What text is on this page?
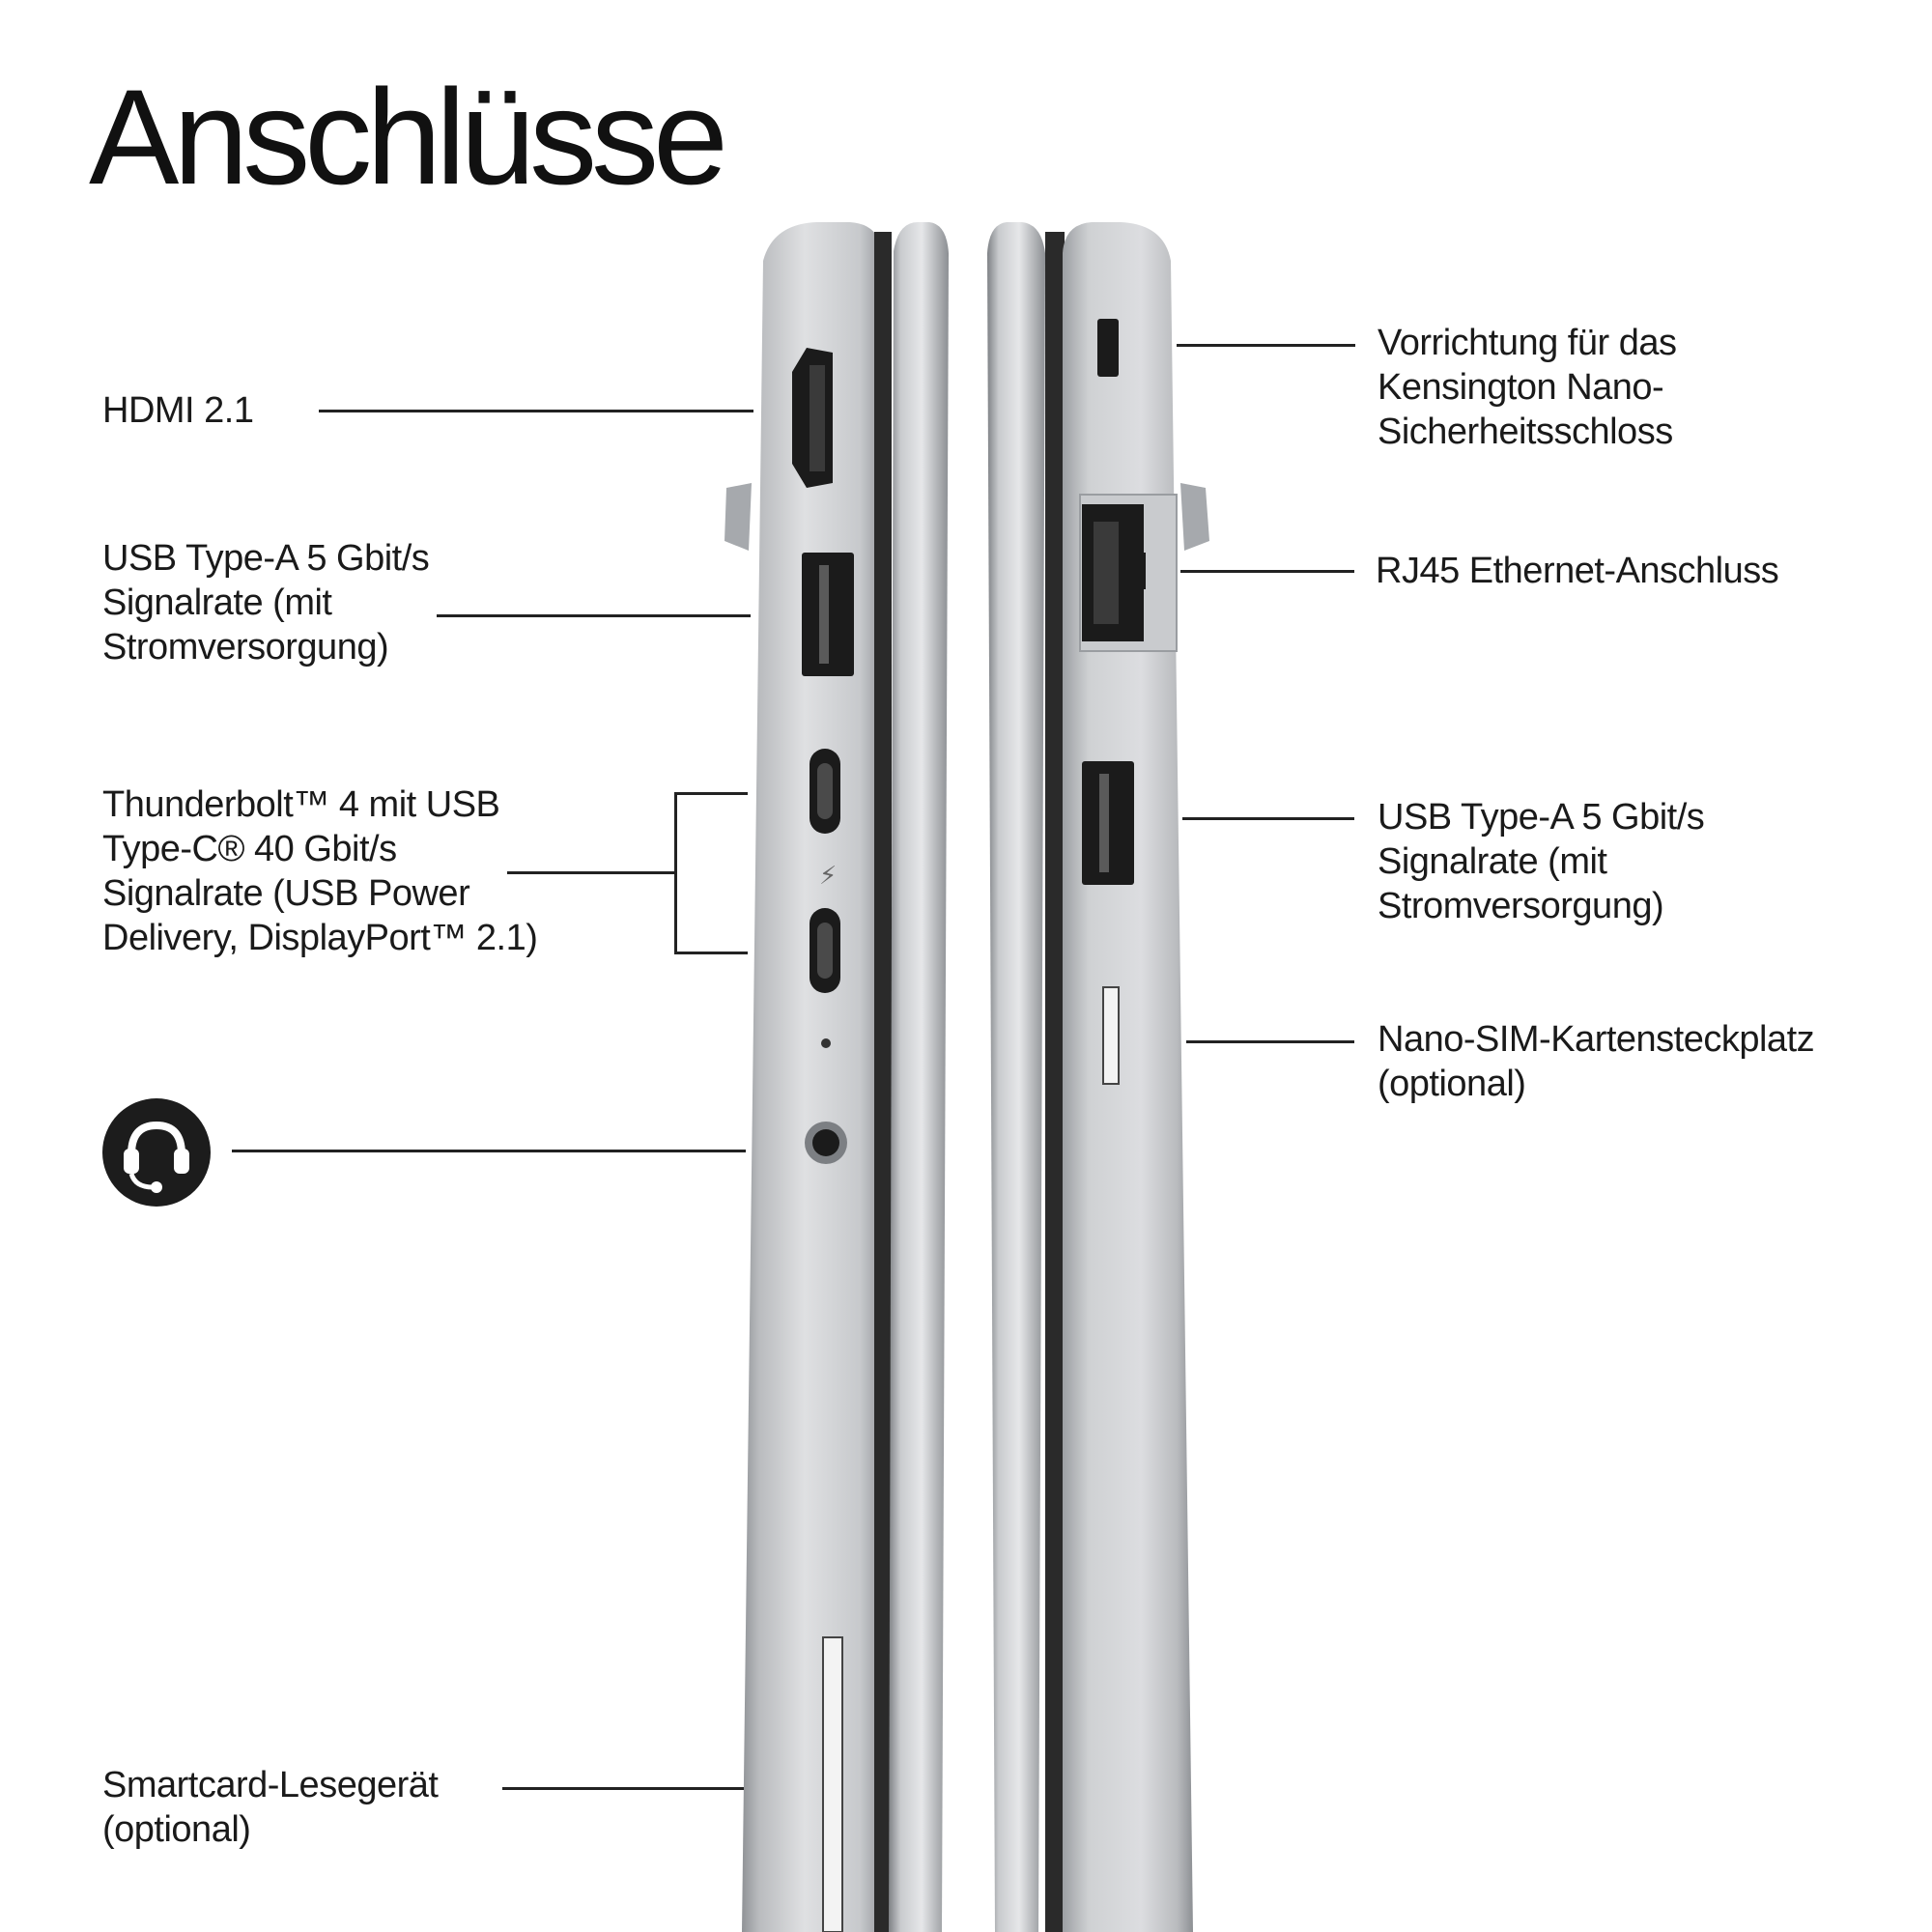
Anschlüsse
⚡
HDMI 2.1
USB Type-A 5 Gbit/s
Signalrate (mit
Stromversorgung)
Thunderbolt™ 4 mit USB
Type-C® 40 Gbit/s
Signalrate (USB Power
Delivery, DisplayPort™ 2.1)
Smartcard-Lesegerät
(optional)
Vorrichtung für das
Kensington Nano-
Sicherheitsschloss
RJ45 Ethernet-Anschluss
USB Type-A 5 Gbit/s
Signalrate (mit
Stromversorgung)
Nano-SIM-Kartensteckplatz
(optional)
